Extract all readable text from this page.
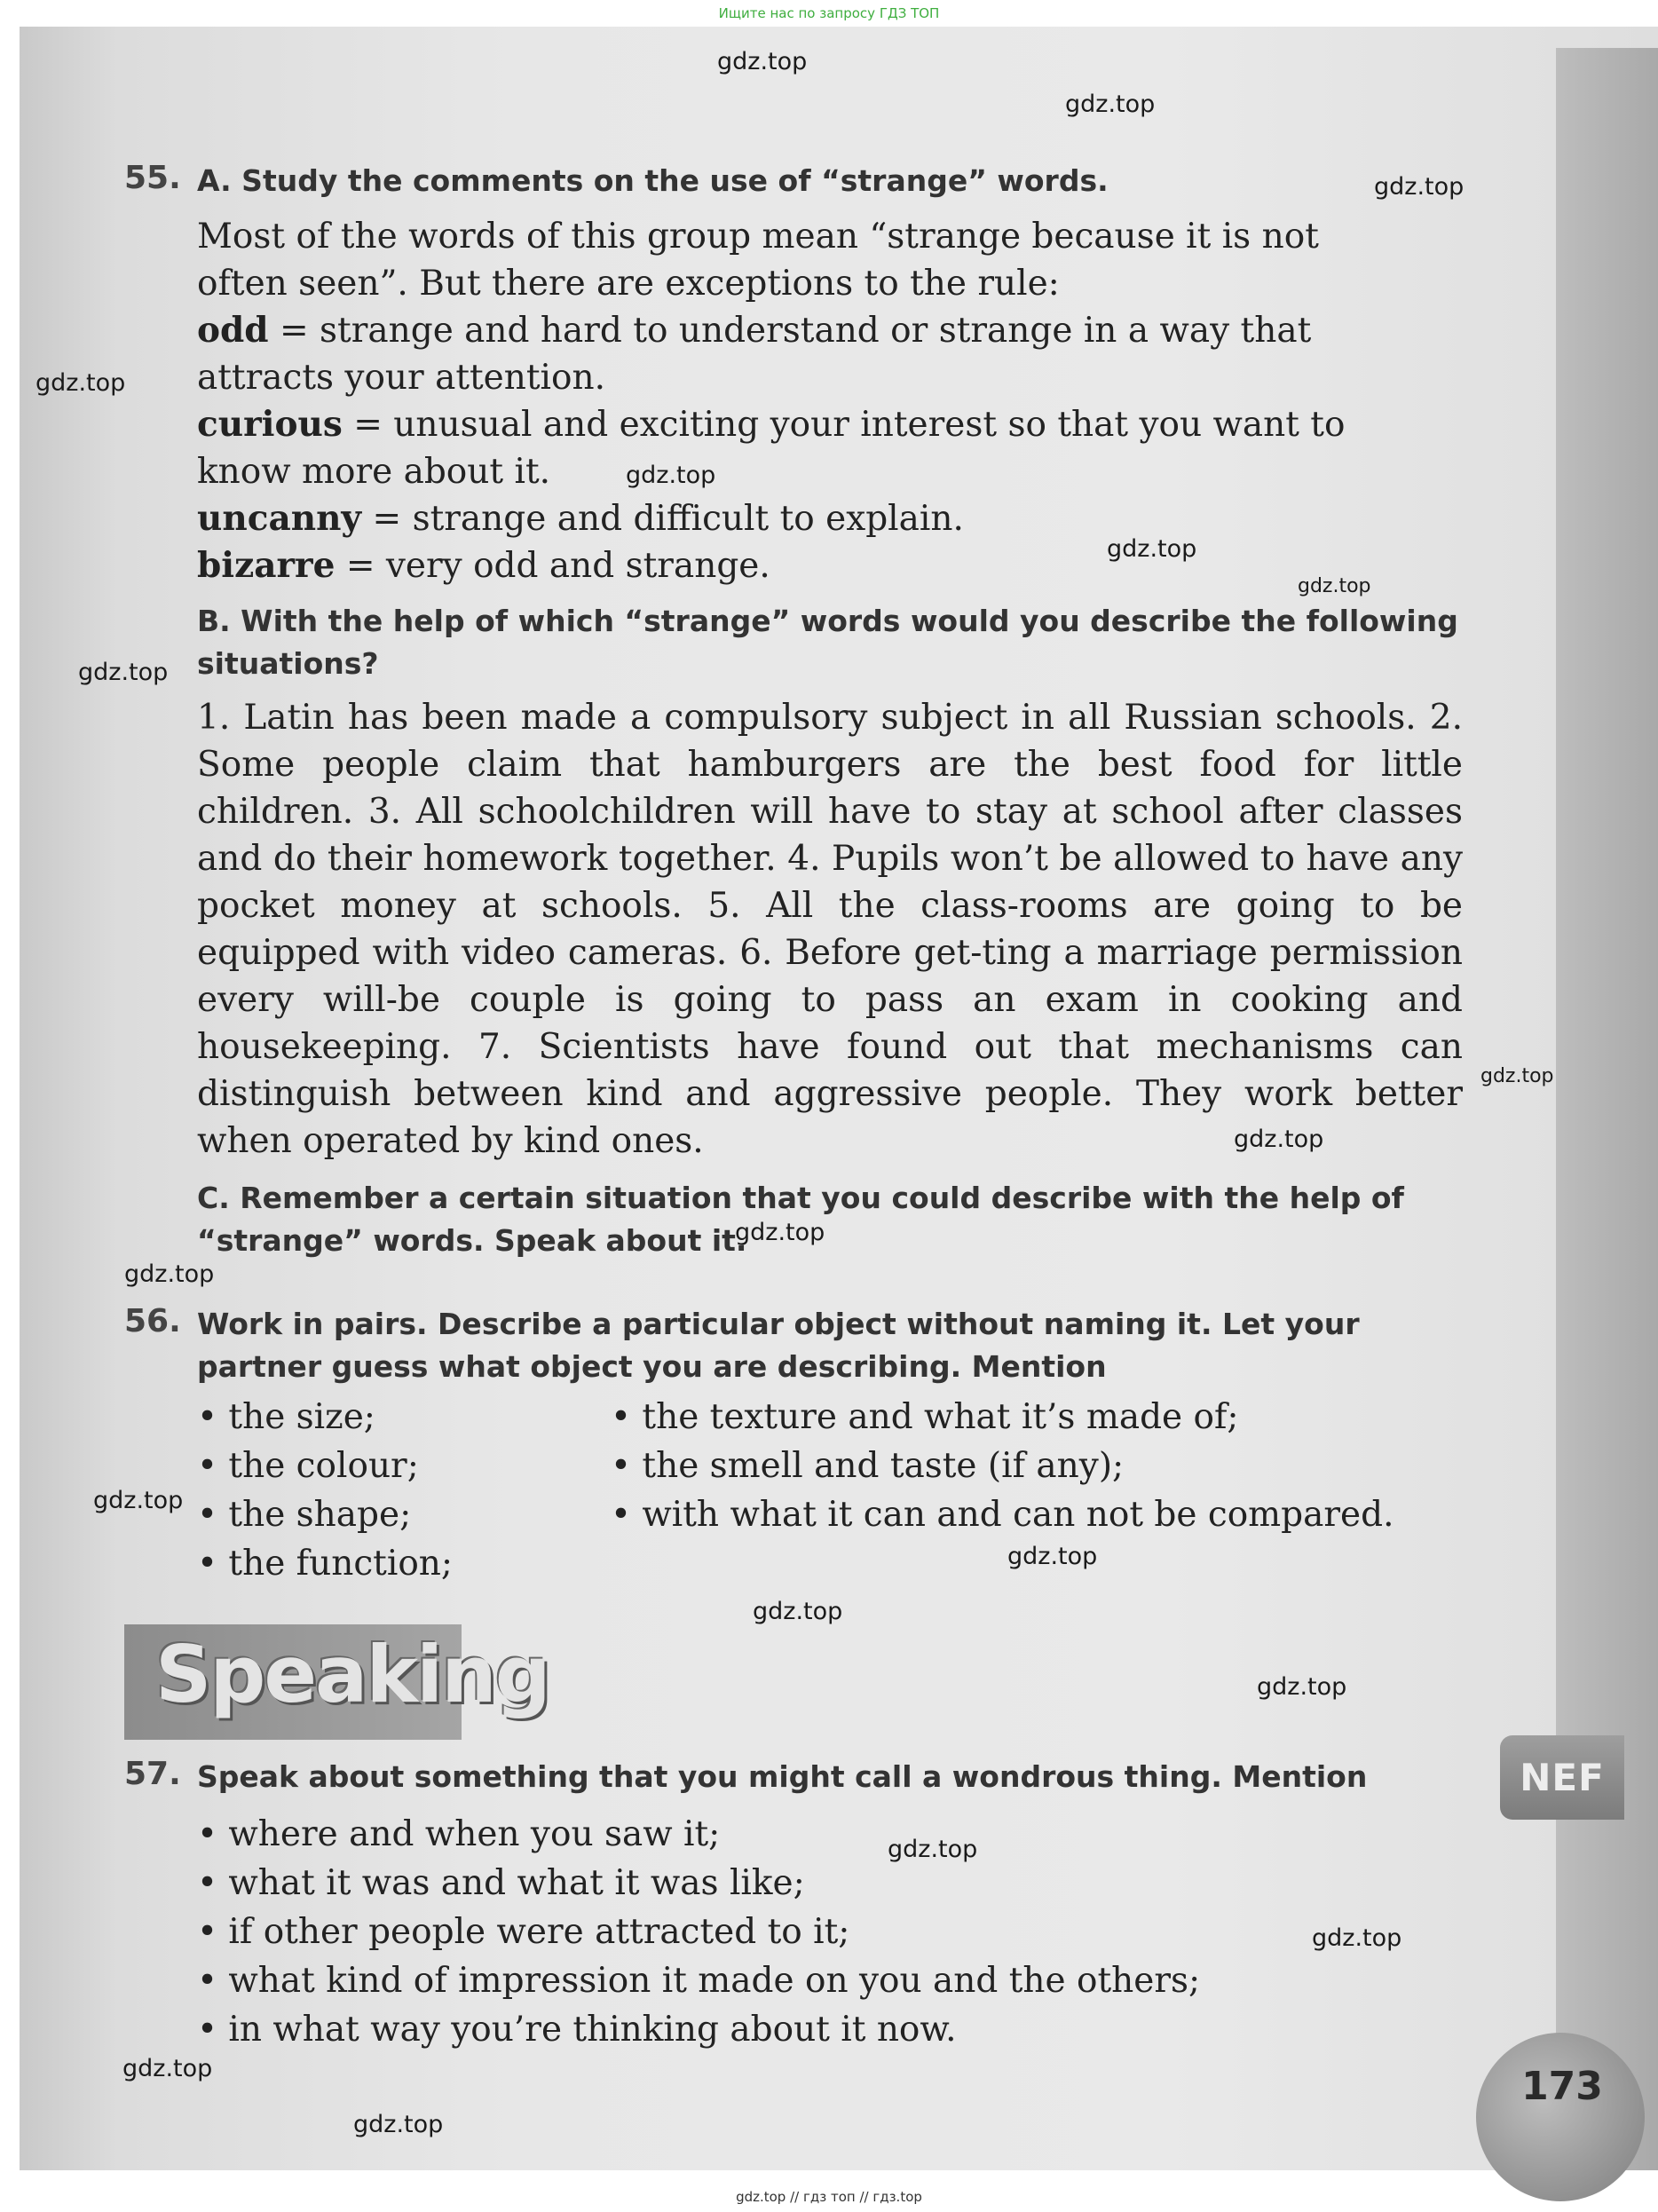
Ищите нас по запросу ГДЗ ТОП
55. A. Study the comments on the use of “strange” words.
Most of the words of this group mean “strange because it is not
often seen”. But there are exceptions to the rule:
odd = strange and hard to understand or strange in a way that
attracts your attention.
curious = unusual and exciting your interest so that you want to
know more about it.
uncanny = strange and difficult to explain.
bizarre = very odd and strange.
B. With the help of which “strange” words would you describe the following situations?
1. Latin has been made a compulsory subject in all Russian schools. 2. Some people claim that hamburgers are the best food for little children. 3. All schoolchildren will have to stay at school after classes and do their homework together. 4. Pupils won’t be allowed to have any pocket money at schools. 5. All the class-rooms are going to be equipped with video cameras. 6. Before get-ting a marriage permission every will-be couple is going to pass an exam in cooking and housekeeping. 7. Scientists have found out that mechanisms can distinguish between kind and aggressive people. They work better when operated by kind ones.
C. Remember a certain situation that you could describe with the help of “strange” words. Speak about it.
56. Work in pairs. Describe a particular object without naming it. Let your partner guess what object you are describing. Mention
• the size;
• the colour;
• the shape;
• the function;
• the texture and what it’s made of;
• the smell and taste (if any);
• with what it can and can not be compared.
Speaking
57. Speak about something that you might call a wondrous thing. Mention
• where and when you saw it;
• what it was and what it was like;
• if other people were attracted to it;
• what kind of impression it made on you and the others;
• in what way you’re thinking about it now.
NEF
173
gdz.top
gdz.top
gdz.top
gdz.top
gdz.top
gdz.top
gdz.top
gdz.top
gdz.top
gdz.top
gdz.top
gdz.top
gdz.top
gdz.top
gdz.top
gdz.top
gdz.top
gdz.top
gdz.top
gdz.top
gdz.top // гдз топ // гдз.top
